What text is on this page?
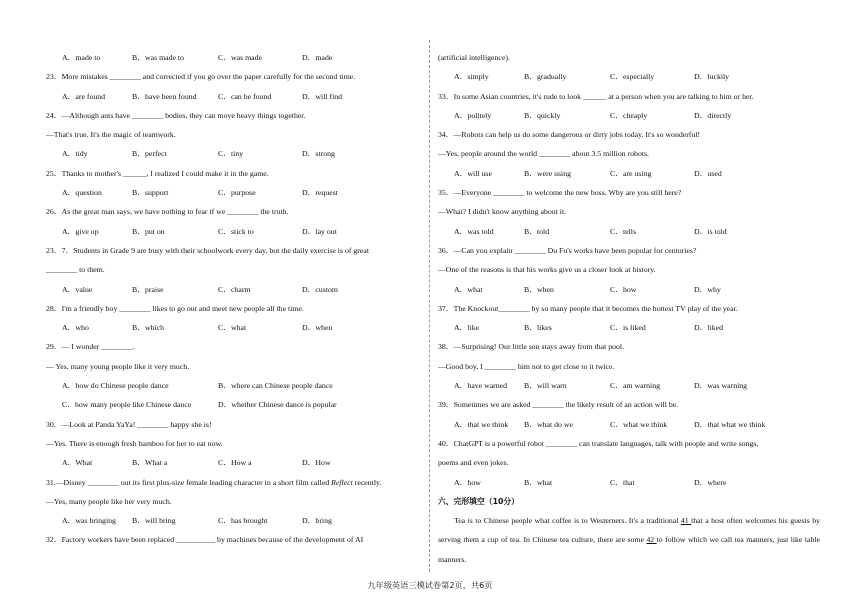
A．made to	B．was made to	C．was made	D．made
23．More mistakes ________ and corrected if you go over the paper carefully for the second time.
A．are found	B．have been found	C．can be found	D．will find
24．—Although ants have ________ bodies, they can move heavy things together.
—That's true. It's the magic of teamwork.
A．tidy	B．perfect	C．tiny	D．strong
25．Thanks to mother's ______, I realized I could make it in the game.
A．question	B．support	C．purpose	D．request
26．As the great man says, we have nothing to fear if we ________ the truth.
A．give up	B．put on	C．stick to	D．lay out
23．7．Students in Grade 9 are busy with their schoolwork every day, but the daily exercise is of great
________ to them.
A．value	B．praise	C．charm	D．custom
28．I'm a friendly boy ________ likes to go out and meet new people all the time.
A．who	B．which	C．what	D．when
29．— I wonder ________.
— Yes, many young people like it very much.
A．how do Chinese people dance	B．where can Chinese people dance
C．how many people like Chinese dance	D．whether Chinese dance is popular
30．—Look at Panda YaYa! ________ happy she is!
—Yes. There is enough fresh bamboo for her to eat now.
A．What	B．What a	C．How a	D．How
31.—Disney ________ out its first plus-size female leading character in a short film called Reflect recently.
—Yes, many people like her very much.
A．was bringing B．will bring	C．has brought	D．bring
32．Factory workers have been replaced __________ by machines because of the development of AI
(artificial intelligence).
A．simply	B．gradually	C．especially	D．luckily
33．In some Asian countries, it's rude to look ______ at a person when you are talking to him or her.
A．politely	B．quickly	C．cheaply	D．directly
34．—Robots can help us do some dangerous or dirty jobs today. It's so wonderful!
—Yes, people around the world ________ about 3.5 million robots.
A．will use	B．were using	C．are using	D．used
35．—Everyone ________ to welcome the new boss. Why are you still here?
—What? I didn't know anything about it.
A．was told	B．told	C．tells	D．is told
36．—Can you explain ________ Du Fu's works have been popular for centuries?
—One of the reasons is that his works give us a closer look at history.
A．what	B．when	C．how	D．why
37．The Knockout________ by so many people that it becomes the hottest TV play of the year.
A．like	B．likes	C．is liked	D．liked
38．—Surprising! Our little son stays away from that pool.
—Good boy, I ________ him not to get close to it twice.
A．have warned B．will warn	C．am warning	D．was warning
39．Sometimes we are asked ________ the likely result of an action will be.
A．that we think B．what do we	C．what we think	D．that what we think
40．ChatGPT is a powerful robot ________ can translate languages, talk with people and write songs,
poems and even jokes.
A．how	B．what	C．that	D．where
六、完形填空（10分）
Tea is to Chinese people what coffee is to Westerners. It's a traditional 41 that a host often welcomes his guests by serving them a cup of tea. In Chinese tea culture, there are some 42 to follow which we call tea manners, just like table manners.
九年级英语三模试卷第2页，共6页
